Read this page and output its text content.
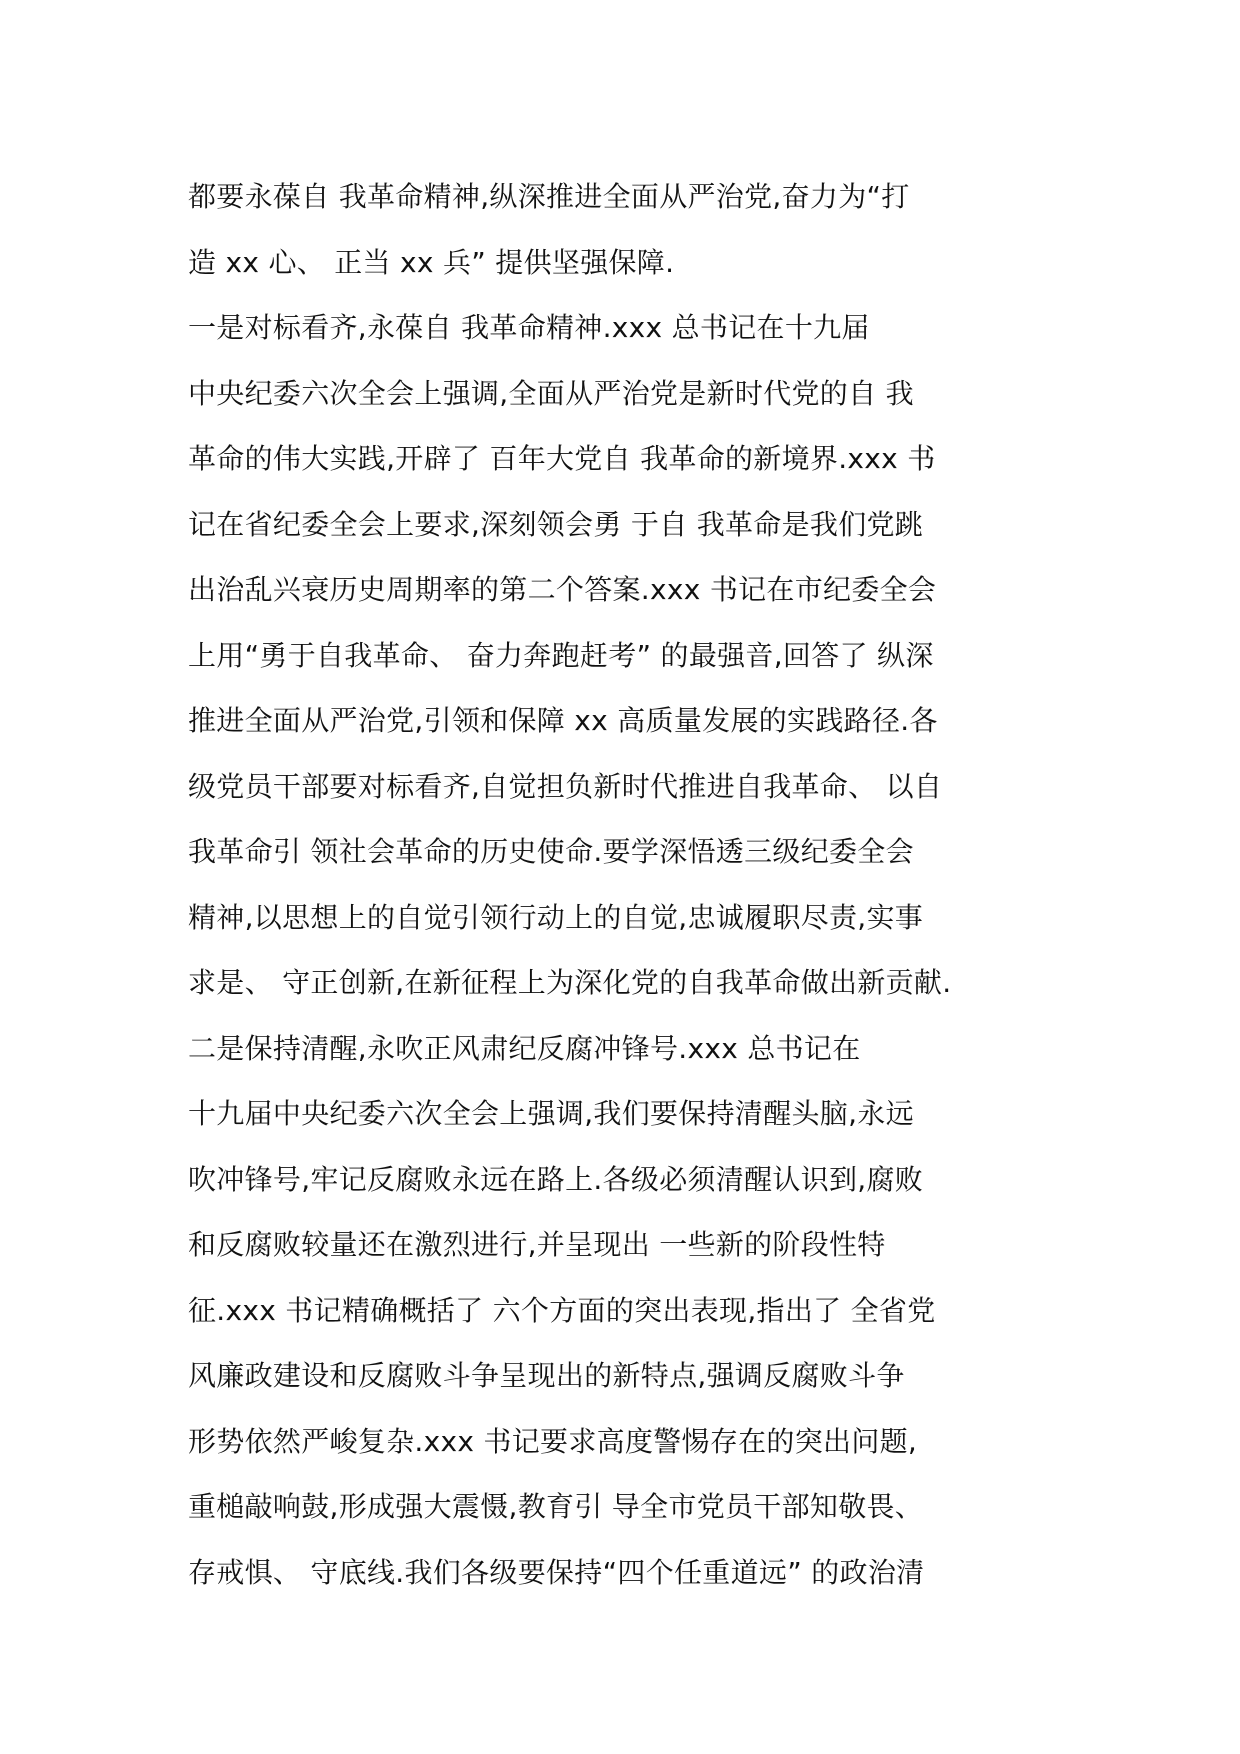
都要永葆自 我革命精神,纵深推进全面从严治党,奋力为“打
造 xx 心、 正当 xx 兵” 提供坚强保障.
一是对标看齐,永葆自 我革命精神.xxx 总书记在十九届
中央纪委六次全会上强调,全面从严治党是新时代党的自 我
革命的伟大实践,开辟了 百年大党自 我革命的新境界.xxx 书
记在省纪委全会上要求,深刻领会勇 于自 我革命是我们党跳
出治乱兴衰历史周期率的第二个答案.xxx 书记在市纪委全会
上用“勇于自我革命、 奋力奔跑赶考” 的最强音,回答了 纵深
推进全面从严治党,引领和保障 xx 高质量发展的实践路径.各
级党员干部要对标看齐,自觉担负新时代推进自我革命、 以自
我革命引 领社会革命的历史使命.要学深悟透三级纪委全会
精神,以思想上的自觉引领行动上的自觉,忠诚履职尽责,实事
求是、 守正创新,在新征程上为深化党的自我革命做出新贡献.
二是保持清醒,永吹正风肃纪反腐冲锋号.xxx 总书记在
十九届中央纪委六次全会上强调,我们要保持清醒头脑,永远
吹冲锋号,牢记反腐败永远在路上.各级必须清醒认识到,腐败
和反腐败较量还在激烈进行,并呈现出 一些新的阶段性特
征.xxx 书记精确概括了 六个方面的突出表现,指出了 全省党
风廉政建设和反腐败斗争呈现出的新特点,强调反腐败斗争
形势依然严峻复杂.xxx 书记要求高度警惕存在的突出问题,
重槌敲响鼓,形成强大震慑,教育引 导全市党员干部知敬畏、
存戒惧、 守底线.我们各级要保持“四个任重道远” 的政治清
